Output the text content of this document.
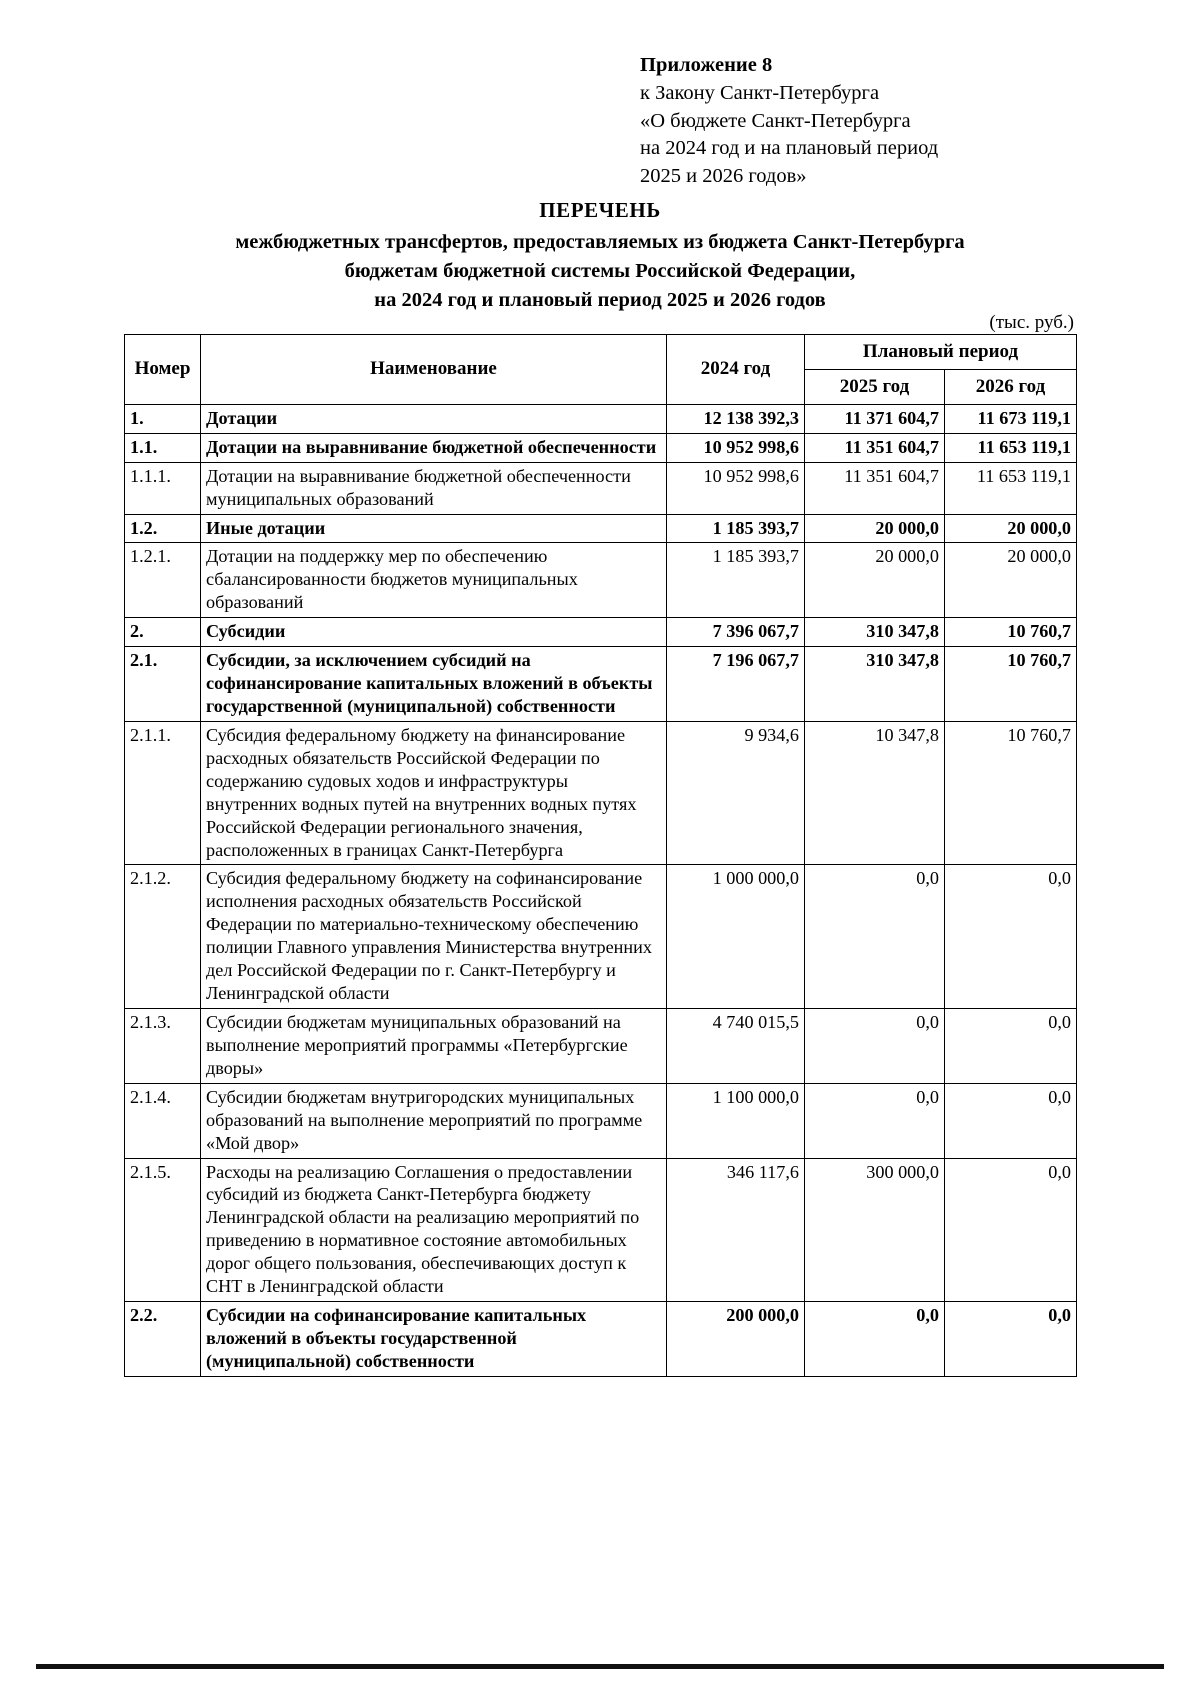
Приложение 8
к Закону Санкт-Петербурга
«О бюджете Санкт-Петербурга
на 2024 год и на плановый период
2025 и 2026 годов»
ПЕРЕЧЕНЬ
межбюджетных трансфертов, предоставляемых из бюджета Санкт-Петербурга
бюджетам бюджетной системы Российской Федерации,
на 2024 год и плановый период 2025 и 2026 годов
(тыс. руб.)
Номер	Наименование	2024 год	Плановый период	
			2025 год	2026 год
1.	Дотации	12 138 392,3	11 371 604,7	11 673 119,1
1.1.	Дотации на выравнивание бюджетной обеспеченности	10 952 998,6	11 351 604,7	11 653 119,1
1.1.1.	Дотации на выравнивание бюджетной обеспеченности муниципальных образований	10 952 998,6	11 351 604,7	11 653 119,1
1.2.	Иные дотации	1 185 393,7	20 000,0	20 000,0
1.2.1.	Дотации на поддержку мер по обеспечению сбалансированности бюджетов муниципальных образований	1 185 393,7	20 000,0	20 000,0
2.	Субсидии	7 396 067,7	310 347,8	10 760,7
2.1.	Субсидии, за исключением субсидий на софинансирование капитальных вложений в объекты государственной (муниципальной) собственности	7 196 067,7	310 347,8	10 760,7
2.1.1.	Субсидия федеральному бюджету на финансирование расходных обязательств Российской Федерации по содержанию судовых ходов и инфраструктуры внутренних водных путей на внутренних водных путях Российской Федерации регионального значения, расположенных в границах Санкт-Петербурга	9 934,6	10 347,8	10 760,7
2.1.2.	Субсидия федеральному бюджету на софинансирование исполнения расходных обязательств Российской Федерации по материально-техническому обеспечению полиции Главного управления Министерства внутренних дел Российской Федерации по г. Санкт-Петербургу и Ленинградской области	1 000 000,0	0,0	0,0
2.1.3.	Субсидии бюджетам муниципальных образований на выполнение мероприятий программы «Петербургские дворы»	4 740 015,5	0,0	0,0
2.1.4.	Субсидии бюджетам внутригородских муниципальных образований на выполнение мероприятий по программе «Мой двор»	1 100 000,0	0,0	0,0
2.1.5.	Расходы на реализацию Соглашения о предоставлении субсидий из бюджета Санкт-Петербурга бюджету Ленинградской области на реализацию мероприятий по приведению в нормативное состояние автомобильных дорог общего пользования, обеспечивающих доступ к СНТ в Ленинградской области	346 117,6	300 000,0	0,0
2.2.	Субсидии на софинансирование капитальных вложений в объекты государственной (муниципальной) собственности	200 000,0	0,0	0,0
